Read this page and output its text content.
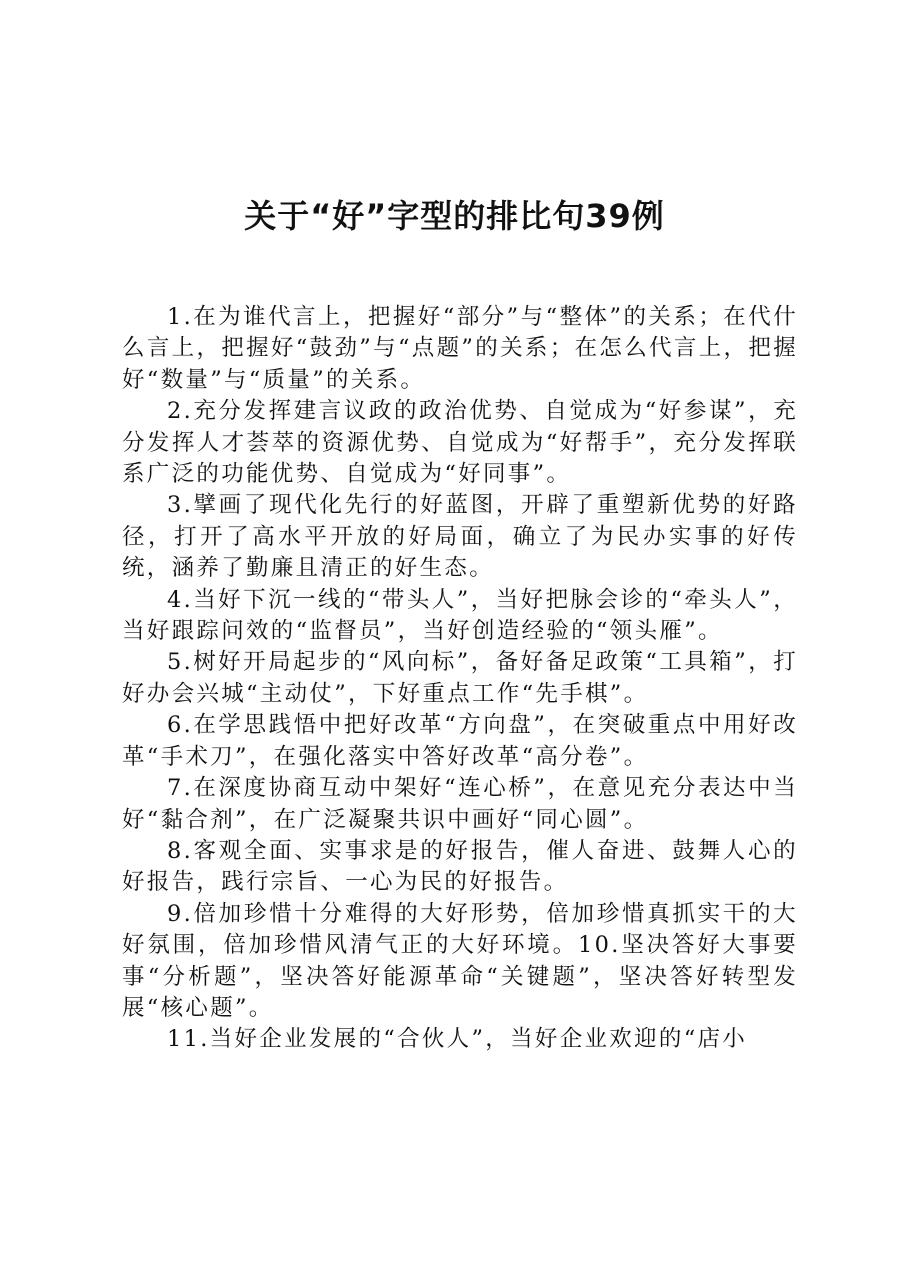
关于“好”字型的排比句39例

1.在为谁代言上，把握好“部分”与“整体”的关系；在代什么言上，把握好“鼓劲”与“点题”的关系；在怎么代言上，把握好“数量”与“质量”的关系。

2.充分发挥建言议政的政治优势、自觉成为“好参谋”，充分发挥人才荟萃的资源优势、自觉成为“好帮手”，充分发挥联系广泛的功能优势、自觉成为“好同事”。

3.擘画了现代化先行的好蓝图，开辟了重塑新优势的好路径，打开了高水平开放的好局面，确立了为民办实事的好传统，涵养了勤廉且清正的好生态。

4.当好下沉一线的“带头人”，当好把脉会诊的“牵头人”，当好跟踪问效的“监督员”，当好创造经验的“领头雁”。

5.树好开局起步的“风向标”，备好备足政策“工具箱”，打好办会兴城“主动仗”，下好重点工作“先手棋”。

6.在学思践悟中把好改革“方向盘”，在突破重点中用好改革“手术刀”，在强化落实中答好改革“高分卷”。

7.在深度协商互动中架好“连心桥”，在意见充分表达中当好“黏合剂”，在广泛凝聚共识中画好“同心圆”。

8.客观全面、实事求是的好报告，催人奋进、鼓舞人心的好报告，践行宗旨、一心为民的好报告。

9.倍加珍惜十分难得的大好形势，倍加珍惜真抓实干的大好氛围，倍加珍惜风清气正的大好环境。10.坚决答好大事要事“分析题”，坚决答好能源革命“关键题”，坚决答好转型发展“核心题”。

11.当好企业发展的“合伙人”，当好企业欢迎的“店小
